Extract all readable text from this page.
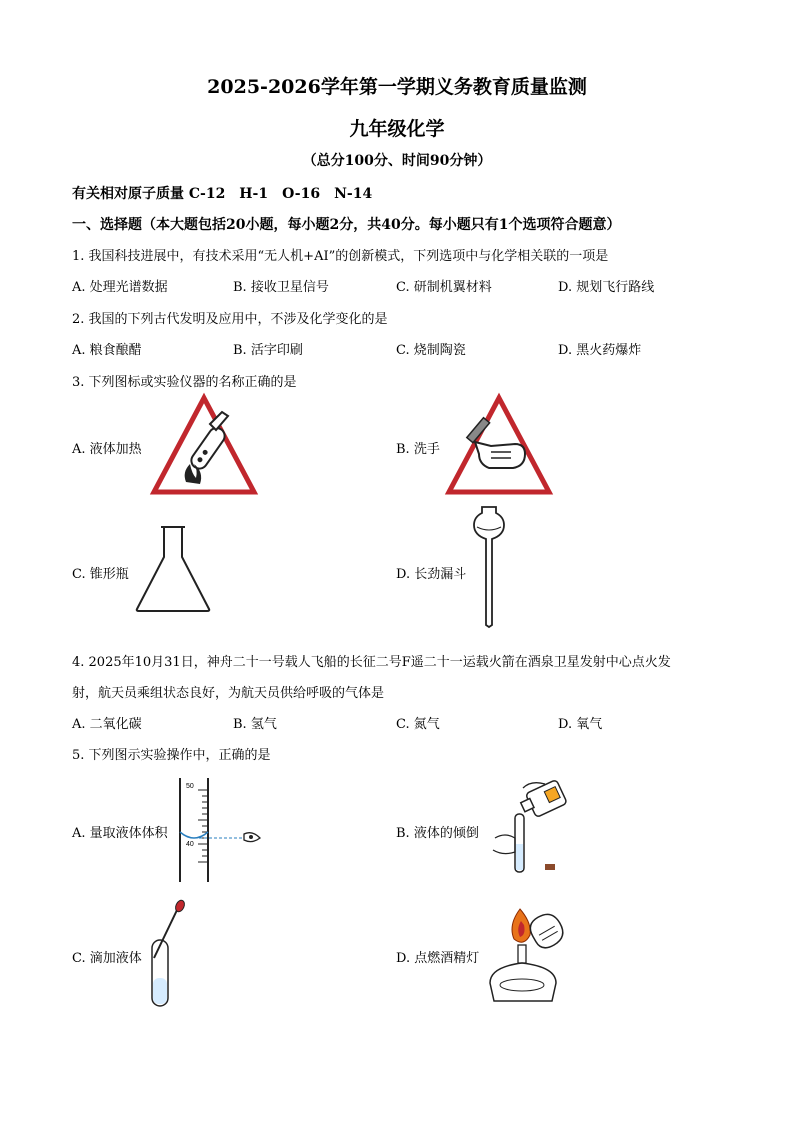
2025-2026学年第一学期义务教育质量监测
九年级化学
（总分100分、时间90分钟）
有关相对原子质量 C-12　H-1　O-16　N-14
一、选择题（本大题包括20小题，每小题2分，共40分。每小题只有1个选项符合题意）
1. 我国科技进展中，有技术采用“无人机+AI”的创新模式，下列选项中与化学相关联的一项是
A. 处理光谱数据	B. 接收卫星信号	C. 研制机翼材料	D. 规划飞行路线
2. 我国的下列古代发明及应用中，不涉及化学变化的是
A. 粮食酿醋	B. 活字印刷	C. 烧制陶瓷	D. 黑火药爆炸
3. 下列图标或实验仪器的名称正确的是
A. 液体加热	B. 洗手
C. 锥形瓶	D. 长劲漏斗
4. 2025年10月31日，神舟二十一号载人飞船的长征二号F遥二十一运载火箭在酒泉卫星发射中心点火发
射，航天员乘组状态良好，为航天员供给呼吸的气体是
A. 二氧化碳	B. 氢气	C. 氮气	D. 氧气
5. 下列图示实验操作中，正确的是
A. 量取液体体积	B. 液体的倾倒
C. 滴加液体	D. 点燃酒精灯
50
40
